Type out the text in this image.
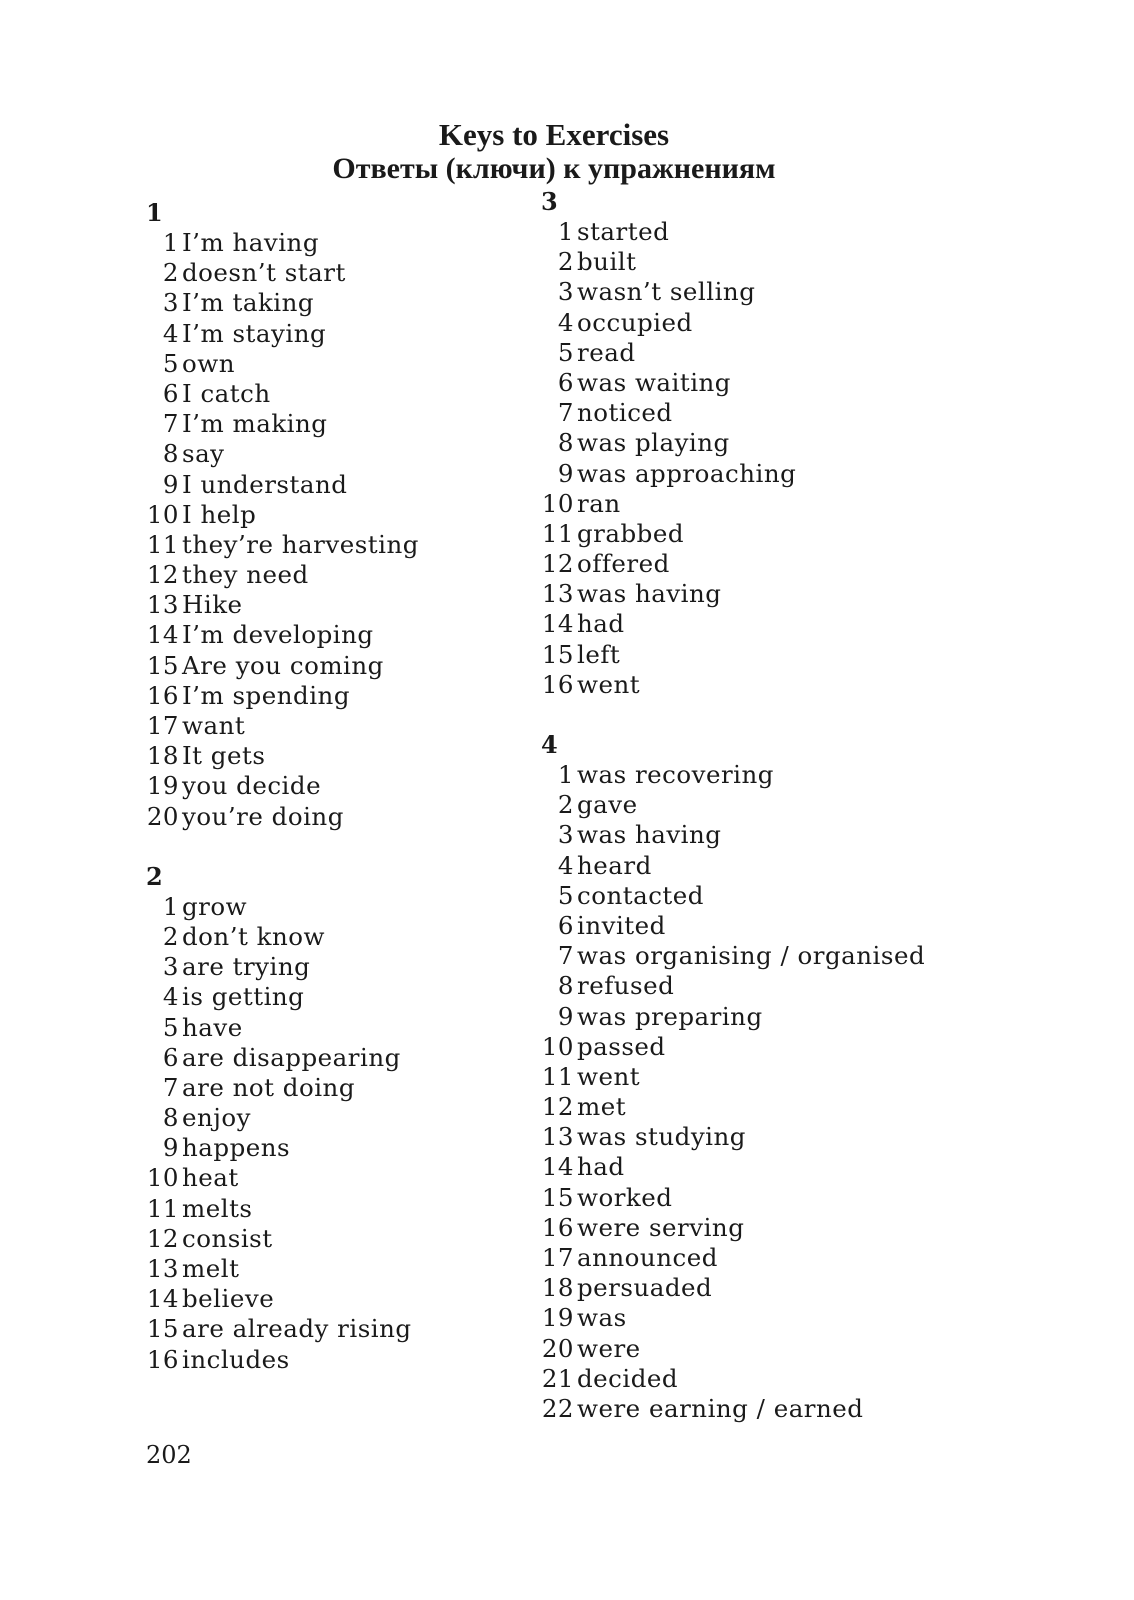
Keys to Exercises
Ответы (ключи) к упражнениям
1
1 I’m having
2 doesn’t start
3 I’m taking
4 I’m staying
5 own
6 I catch
7 I’m making
8 say
9 I understand
10 I help
11 they’re harvesting
12 they need
13 Hike
14 I’m developing
15 Are you coming
16 I’m spending
17 want
18 It gets
19 you decide
20 you’re doing
2
1 grow
2 don’t know
3 are trying
4 is getting
5 have
6 are disappearing
7 are not doing
8 enjoy
9 happens
10 heat
11 melts
12 consist
13 melt
14 believe
15 are already rising
16 includes
3
1 started
2 built
3 wasn’t selling
4 occupied
5 read
6 was waiting
7 noticed
8 was playing
9 was approaching
10 ran
11 grabbed
12 offered
13 was having
14 had
15 left
16 went
4
1 was recovering
2 gave
3 was having
4 heard
5 contacted
6 invited
7 was organising / organised
8 refused
9 was preparing
10 passed
11 went
12 met
13 was studying
14 had
15 worked
16 were serving
17 announced
18 persuaded
19 was
20 were
21 decided
22 were earning / earned
202
